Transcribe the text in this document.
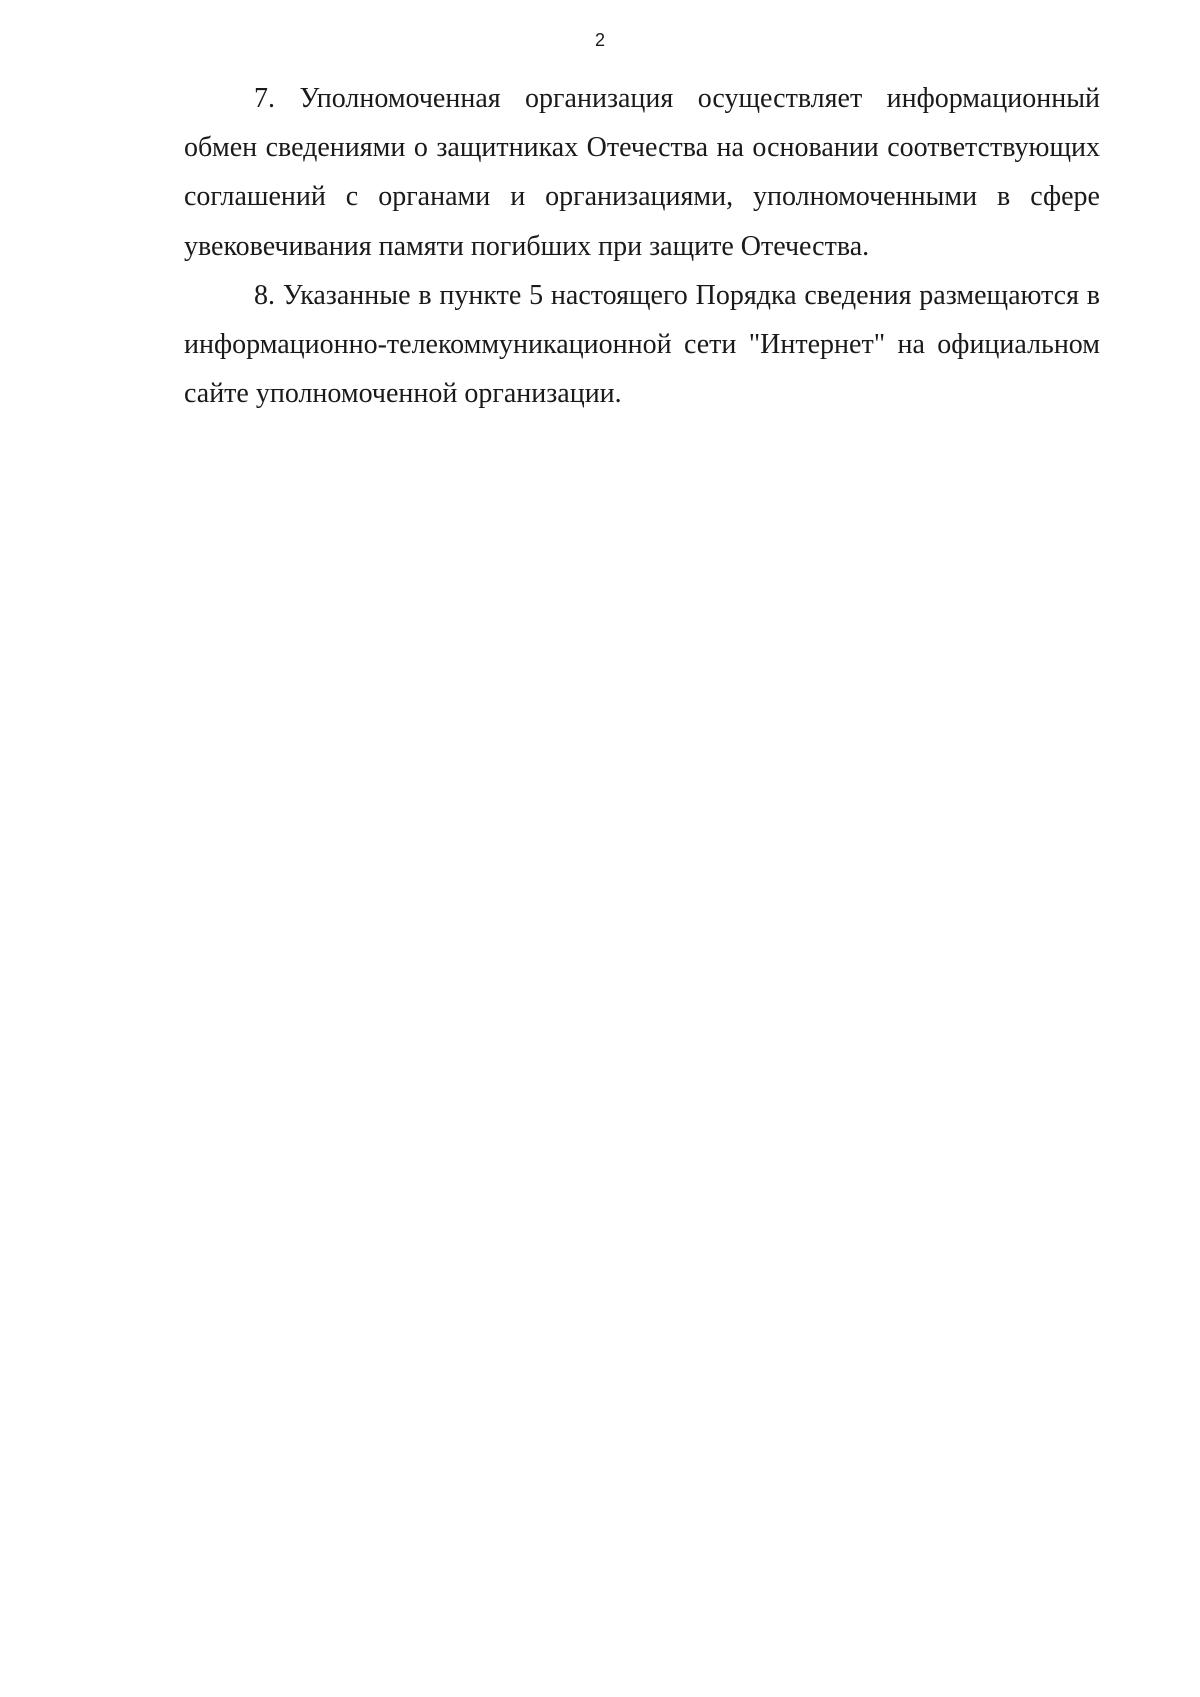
2

7. Уполномоченная организация осуществляет информационный обмен сведениями о защитниках Отечества на основании соответствующих соглашений с органами и организациями, уполномоченными в сфере увековечивания памяти погибших при защите Отечества.

8. Указанные в пункте 5 настоящего Порядка сведения размещаются в информационно-телекоммуникационной сети "Интернет" на официальном сайте уполномоченной организации.
